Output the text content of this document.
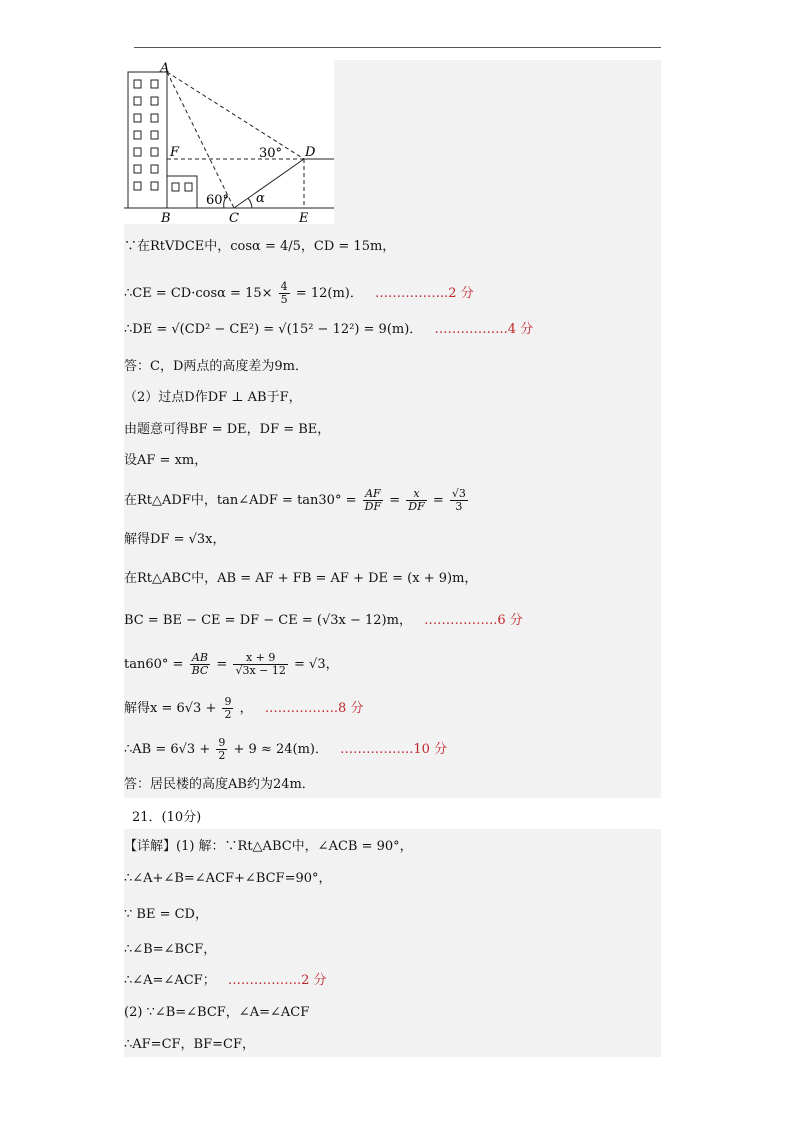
A
B	C
D
E
F	30°
60° α
∵在RtVDCE中，cosα = 4/5，CD = 15m，
∴CE = $CD\cdot\cos\alpha = 15\times \frac{4}{5} = 12(m)$． ……………..2 分
∴DE = √(CD² − CE²) = √(15² − 12²) = 9(m)． ……………..4 分
答：C，D两点的高度差为9m．
（2）过点D作DF ⊥ AB于F，
由题意可得BF = DE，DF = BE，
设AF = xm，
在Rt△ADF中，tan∠ADF = $\tan 30^\circ = \frac{AF}{DF} = \frac{x}{DF} = \frac{√3}{3}$
解得DF = √3x，
在Rt△ABC中，AB = AF + FB = AF + DE = (x + 9)m，
BC = BE − CE = DF − CE = (√3x − 12)m， ……………..6 分
$\tan 60^\circ = \frac{AB}{BC} = \frac{x + 9}{√3x - 12} = √3$，
解得$x = 6√3 + \frac{9}{2}$ ， ……………..8 分
∴AB = $6√3 + \frac{9}{2} + 9 \approx 24(m)$． ……………..10 分
答：居民楼的高度AB约为24m．
21．(10分)
【详解】(1) 解：∵Rt△ABC中，∠ACB = 90°，
∴∠A+∠B=∠ACF+∠BCF=90°，
∵ BE = CD，
∴∠B=∠BCF，
∴∠A=∠ACF； ……………..2 分
(2) ∵∠B=∠BCF，∠A=∠ACF
∴AF=CF，BF=CF，
